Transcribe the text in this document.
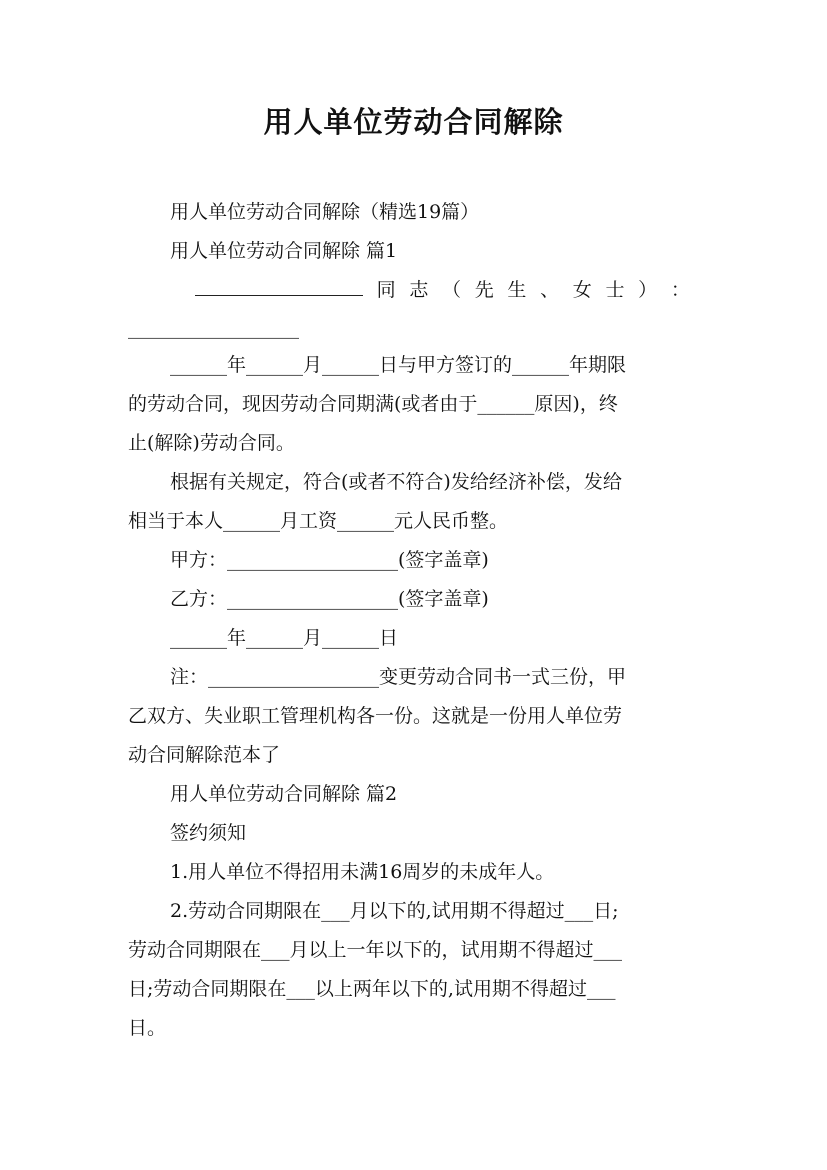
用人单位劳动合同解除
用人单位劳动合同解除（精选19篇）
用人单位劳动合同解除 篇1
同 志 （ 先 生 、 女 士 ） ：
__________________
______年______月______日与甲方签订的______年期限
的劳动合同，现因劳动合同期满(或者由于______原因)，终
止(解除)劳动合同。
根据有关规定，符合(或者不符合)发给经济补偿，发给
相当于本人______月工资______元人民币整。
甲方：__________________(签字盖章)
乙方：__________________(签字盖章)
______年______月______日
注：__________________变更劳动合同书一式三份，甲
乙双方、失业职工管理机构各一份。这就是一份用人单位劳
动合同解除范本了
用人单位劳动合同解除 篇2
签约须知
1.用人单位不得招用未满16周岁的未成年人。
2.劳动合同期限在___月以下的,试用期不得超过___日;
劳动合同期限在___月以上一年以下的，试用期不得超过___
日;劳动合同期限在___以上两年以下的,试用期不得超过___
日。
